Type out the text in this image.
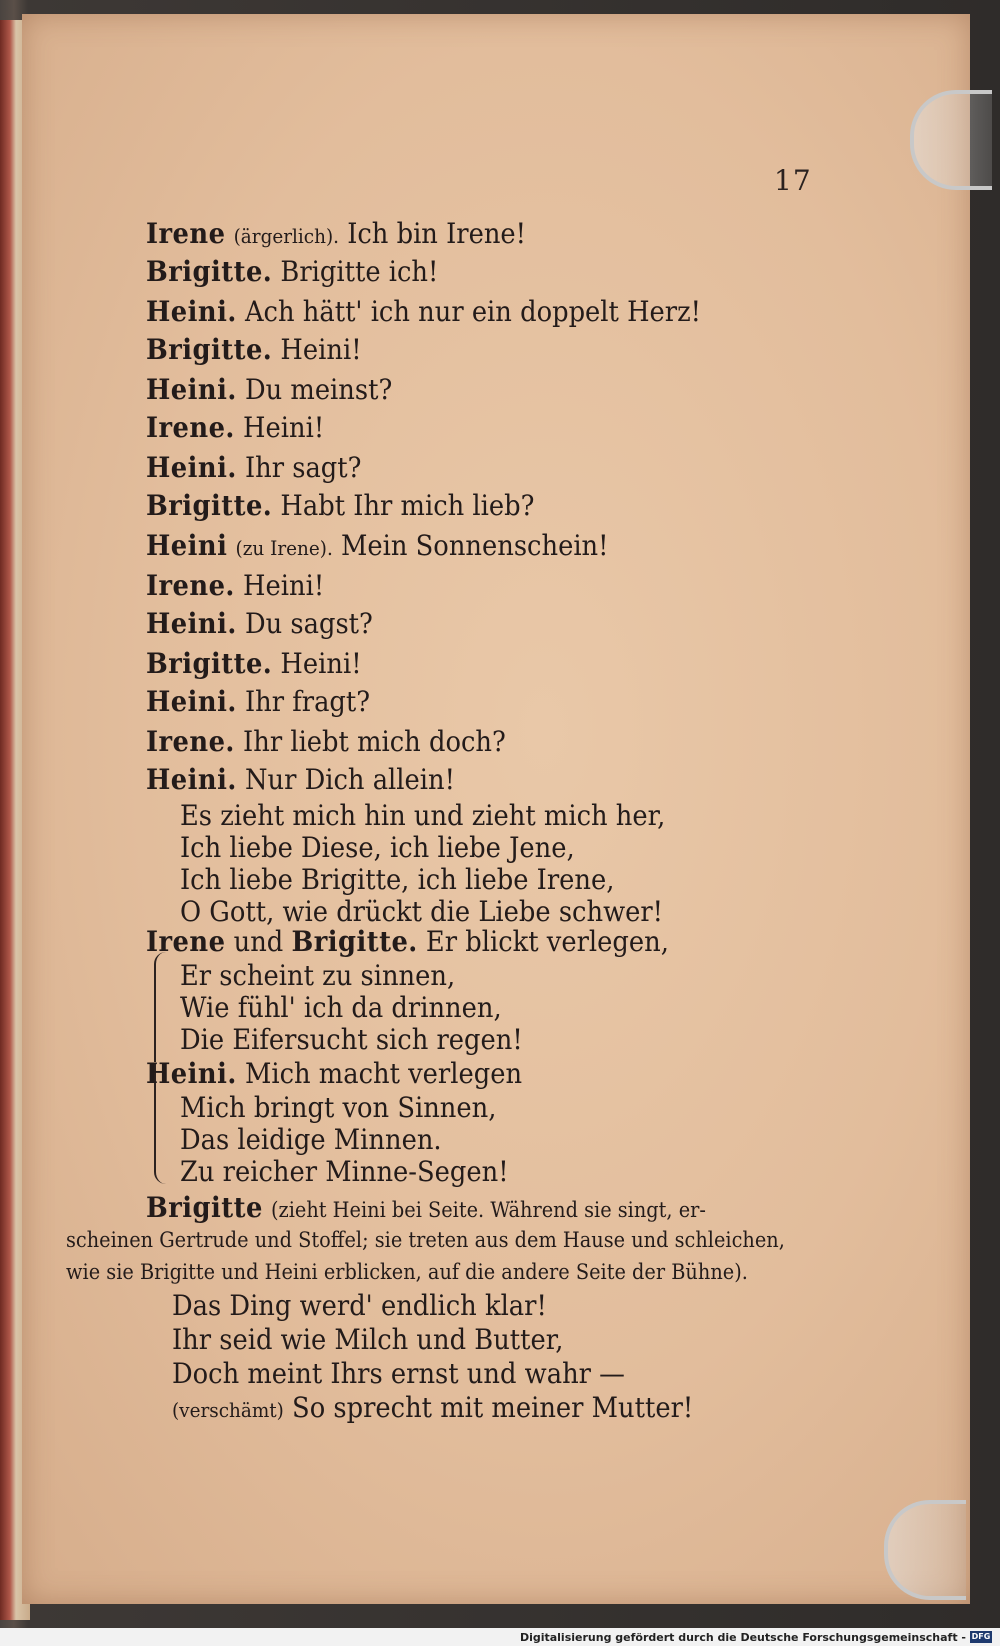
17
Irene (ärgerlich). Ich bin Irene!
Brigitte. Brigitte ich!
Heini. Ach hätt' ich nur ein doppelt Herz!
Brigitte. Heini!
Heini. Du meinst?
Irene. Heini!
Heini. Ihr sagt?
Brigitte. Habt Ihr mich lieb?
Heini (zu Irene). Mein Sonnenschein!
Irene. Heini!
Heini. Du sagst?
Brigitte. Heini!
Heini. Ihr fragt?
Irene. Ihr liebt mich doch?
Heini. Nur Dich allein!
Es zieht mich hin und zieht mich her,
Ich liebe Diese, ich liebe Jene,
Ich liebe Brigitte, ich liebe Irene,
O Gott, wie drückt die Liebe schwer!
Irene und Brigitte. Er blickt verlegen,
Er scheint zu sinnen,
Wie fühl' ich da drinnen,
Die Eifersucht sich regen!
Heini. Mich macht verlegen
Mich bringt von Sinnen,
Das leidige Minnen.
Zu reicher Minne-Segen!
Brigitte (zieht Heini bei Seite. Während sie singt, er-
scheinen Gertrude und Stoffel; sie treten aus dem Hause und schleichen,
wie sie Brigitte und Heini erblicken, auf die andere Seite der Bühne).
Das Ding werd' endlich klar!
Ihr seid wie Milch und Butter,
Doch meint Ihrs ernst und wahr —
(verschämt) So sprecht mit meiner Mutter!
Digitalisierung gefördert durch die Deutsche Forschungsgemeinschaft - DFG
